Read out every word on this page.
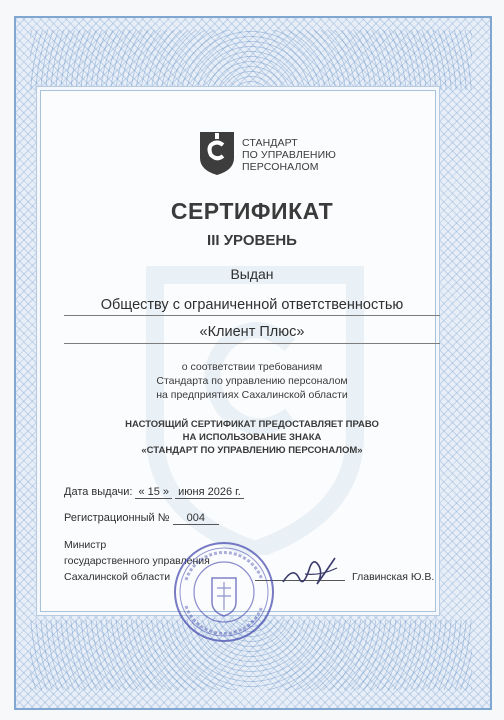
СТАНДАРТ
ПО УПРАВЛЕНИЮ
ПЕРСОНАЛОМ
СЕРТИФИКАТ
III УРОВЕНЬ
Выдан
Обществу с ограниченной ответственностью
«Клиент Плюс»
о соответствии требованиям
Стандарта по управлению персоналом
на предприятиях Сахалинской области
НАСТОЯЩИЙ СЕРТИФИКАТ ПРЕДОСТАВЛЯЕТ ПРАВО
НА ИСПОЛЬЗОВАНИЕ ЗНАКА
«СТАНДАРТ ПО УПРАВЛЕНИЮ ПЕРСОНАЛОМ»
Дата выдачи: « 15 » июня 2026 г.
Регистрационный № 004
Министр
государственного управления
Сахалинской области	Главинская Ю.В.
